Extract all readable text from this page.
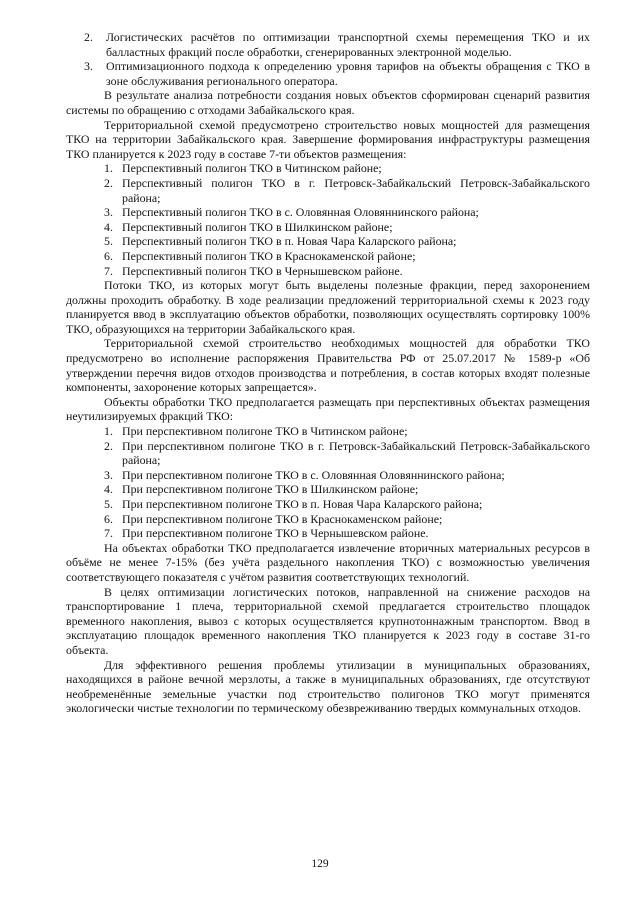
2. Логистических расчётов по оптимизации транспортной схемы перемещения ТКО и их балластных фракций после обработки, сгенерированных электронной моделью.
3. Оптимизационного подхода к определению уровня тарифов на объекты обращения с ТКО в зоне обслуживания регионального оператора.

В результате анализа потребности создания новых объектов сформирован сценарий развития системы по обращению с отходами Забайкальского края.

Территориальной схемой предусмотрено строительство новых мощностей для размещения ТКО на территории Забайкальского края. Завершение формирования инфраструктуры размещения ТКО планируется к 2023 году в составе 7-ти объектов размещения:

1. Перспективный полигон ТКО в Читинском районе;
2. Перспективный полигон ТКО в г. Петровск-Забайкальский Петровск-Забайкальского района;
3. Перспективный полигон ТКО в с. Оловянная Оловяннинского района;
4. Перспективный полигон ТКО в Шилкинском районе;
5. Перспективный полигон ТКО в п. Новая Чара Каларского района;
6. Перспективный полигон ТКО в Краснокаменской районе;
7. Перспективный полигон ТКО в Чернышевском районе.

Потоки ТКО, из которых могут быть выделены полезные фракции, перед захоронением должны проходить обработку. В ходе реализации предложений территориальной схемы к 2023 году планируется ввод в эксплуатацию объектов обработки, позволяющих осуществлять сортировку 100% ТКО, образующихся на территории Забайкальского края.

Территориальной схемой строительство необходимых мощностей для обработки ТКО предусмотрено во исполнение распоряжения Правительства РФ от 25.07.2017 № 1589-р «Об утверждении перечня видов отходов производства и потребления, в состав которых входят полезные компоненты, захоронение которых запрещается».

Объекты обработки ТКО предполагается размещать при перспективных объектах размещения неутилизируемых фракций ТКО:

1. При перспективном полигоне ТКО в Читинском районе;
2. При перспективном полигоне ТКО в г. Петровск-Забайкальский Петровск-Забайкальского района;
3. При перспективном полигоне ТКО в с. Оловянная Оловяннинского района;
4. При перспективном полигоне ТКО в Шилкинском районе;
5. При перспективном полигоне ТКО в п. Новая Чара Каларского района;
6. При перспективном полигоне ТКО в Краснокаменском районе;
7. При перспективном полигоне ТКО в Чернышевском районе.

На объектах обработки ТКО предполагается извлечение вторичных материальных ресурсов в объёме не менее 7-15% (без учёта раздельного накопления ТКО) с возможностью увеличения соответствующего показателя с учётом развития соответствующих технологий.

В целях оптимизации логистических потоков, направленной на снижение расходов на транспортирование 1 плеча, территориальной схемой предлагается строительство площадок временного накопления, вывоз с которых осуществляется крупнотоннажным транспортом. Ввод в эксплуатацию площадок временного накопления ТКО планируется к 2023 году в составе 31-го объекта.

Для эффективного решения проблемы утилизации в муниципальных образованиях, находящихся в районе вечной мерзлоты, а также в муниципальных образованиях, где отсутствуют необременённые земельные участки под строительство полигонов ТКО могут применятся экологически чистые технологии по термическому обезвреживанию твердых коммунальных отходов.

129
